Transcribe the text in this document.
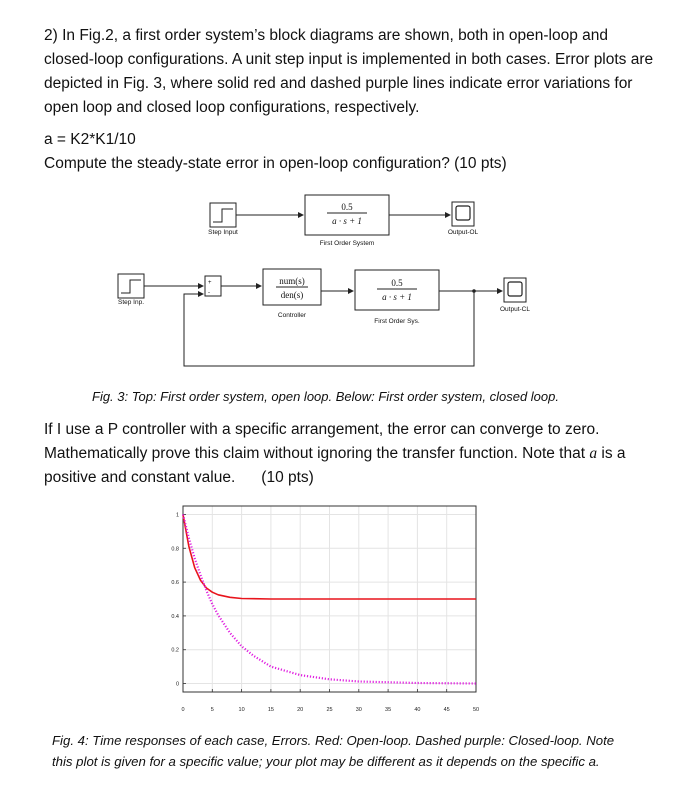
2) In Fig.2, a first order system’s block diagrams are shown, both in open-loop and closed-loop configurations. A unit step input is implemented in both cases. Error plots are depicted in Fig. 3, where solid red and dashed purple lines indicate error variations for open loop and closed loop configurations, respectively.

a = K2*K1/10

Compute the steady-state error in open-loop configuration? (10 pts)

Step Input
0.5
a · s + 1
First Order System
Output-OL
Step Inp.
+
-
num(s)
den(s)
Controller
0.5
a · s + 1
First Order Sys.
Output-CL

Fig. 3: Top: First order system, open loop. Below: First order system, closed loop.

If I use a P controller with a specific arrangement, the error can converge to zero. Mathematically prove this claim without ignoring the transfer function. Note that a is a positive and constant value. (10 pts)

0	5	10	15	20	25	30	35	40	45	50
0
0.2
0.4
0.6
0.8
1

Fig. 4: Time responses of each case, Errors. Red: Open-loop. Dashed purple: Closed-loop. Note this plot is given for a specific value; your plot may be different as it depends on the specific a.
